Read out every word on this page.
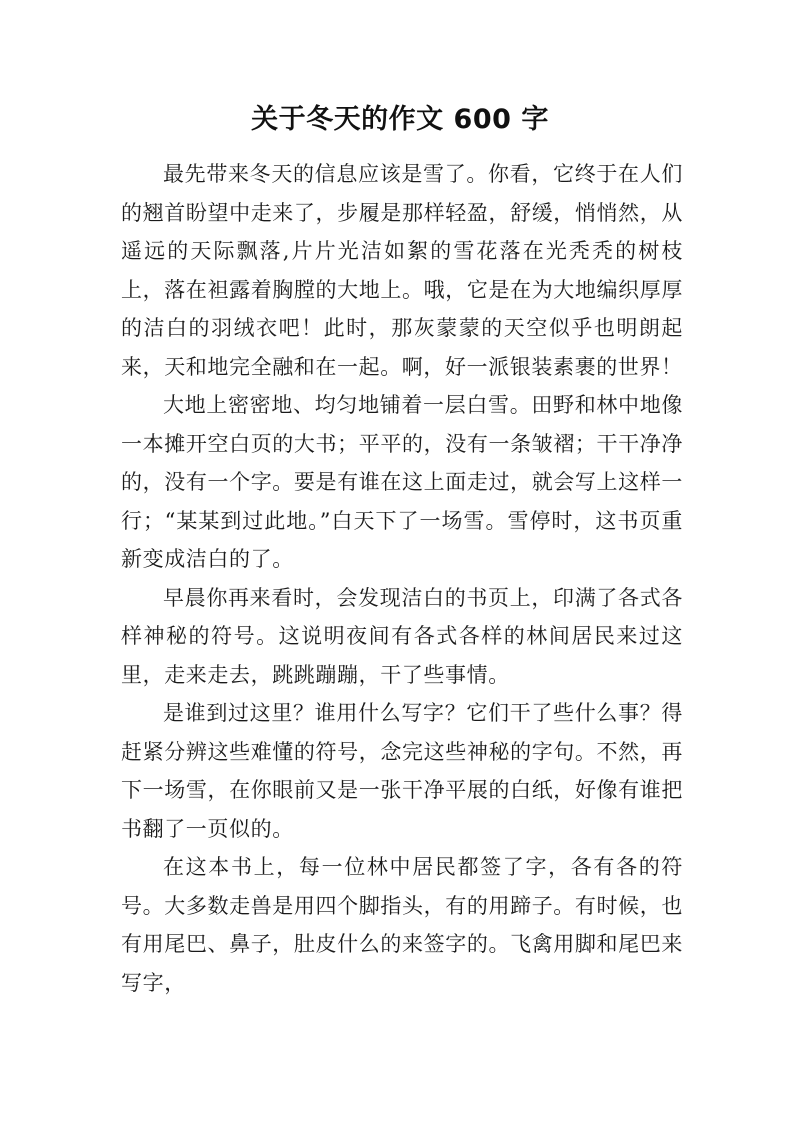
关于冬天的作文 600 字

最先带来冬天的信息应该是雪了。你看，它终于在人们的翘首盼望中走来了，步履是那样轻盈，舒缓，悄悄然，从遥远的天际飘落,片片光洁如絮的雪花落在光秃秃的树枝上，落在袒露着胸膛的大地上。哦，它是在为大地编织厚厚的洁白的羽绒衣吧！此时，那灰蒙蒙的天空似乎也明朗起来，天和地完全融和在一起。啊，好一派银装素裹的世界！

大地上密密地、均匀地铺着一层白雪。田野和林中地像一本摊开空白页的大书；平平的，没有一条皱褶；干干净净的，没有一个字。要是有谁在这上面走过，就会写上这样一行；“某某到过此地。”白天下了一场雪。雪停时，这书页重新变成洁白的了。

早晨你再来看时，会发现洁白的书页上，印满了各式各样神秘的符号。这说明夜间有各式各样的林间居民来过这里，走来走去，跳跳蹦蹦，干了些事情。

是谁到过这里？谁用什么写字？它们干了些什么事？得赶紧分辨这些难懂的符号，念完这些神秘的字句。不然，再下一场雪，在你眼前又是一张干净平展的白纸，好像有谁把书翻了一页似的。

在这本书上，每一位林中居民都签了字，各有各的符号。大多数走兽是用四个脚指头，有的用蹄子。有时候，也有用尾巴、鼻子，肚皮什么的来签字的。飞禽用脚和尾巴来写字，
